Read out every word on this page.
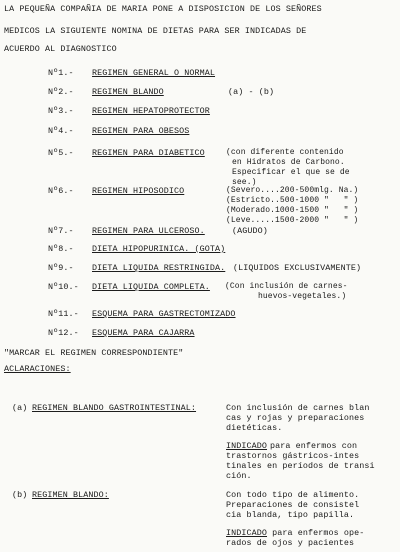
LA PEQUEÑA COMPAÑIA DE MARIA PONE A DISPOSICION DE LOS SEÑORES
MEDICOS LA SIGUIENTE NOMINA DE DIETAS PARA SER INDICADAS DE
ACUERDO AL DIAGNOSTICO
Nº1.- REGIMEN GENERAL O NORMAL
Nº2.- REGIMEN BLANDO	(a) - (b)
Nº3.- REGIMEN HEPATOPROTECTOR
Nº4.- REGIMEN PARA OBESOS
Nº5.- REGIMEN PARA DIABETICO	(con diferente contenido
en Hidratos de Carbono.
Especificar el que se de
see.)
Nº6.- REGIMEN HIPOSODICO	(Severo....200-500mlg. Na.)
(Estricto..500-1000 "   " )
(Moderado.1000-1500 "   " )
(Leve.....1500-2000 "   " )
Nº7.- REGIMEN PARA ULCEROSO.	(AGUDO)
Nº8.- DIETA HIPOPURINICA. (GOTA)
Nº9.- DIETA LIQUIDA RESTRINGIDA. (LIQUIDOS EXCLUSIVAMENTE)
Nº10.- DIETA LIQUIDA COMPLETA. (Con inclusión de carnes-
huevos-vegetales.)
Nº11.- ESQUEMA PARA GASTRECTOMIZADO
Nº12.- ESQUEMA PARA CAJARRA
"MARCAR EL REGIMEN CORRESPONDIENTE"
ACLARACIONES:
(a) REGIMEN BLANDO GASTROINTESTINAL:	Con inclusión de carnes blan
cas y rojas y preparaciones
dietéticas.
INDICADO para enfermos con
trastornos gástricos-intes
tinales en períodos de transi
ción.
(b) REGIMEN BLANDO:	Con todo tipo de alimento.
Preparaciones de consistel
cia blanda, tipo papilla.
INDICADO para enfermos ope-
rados de ojos y pacientes
